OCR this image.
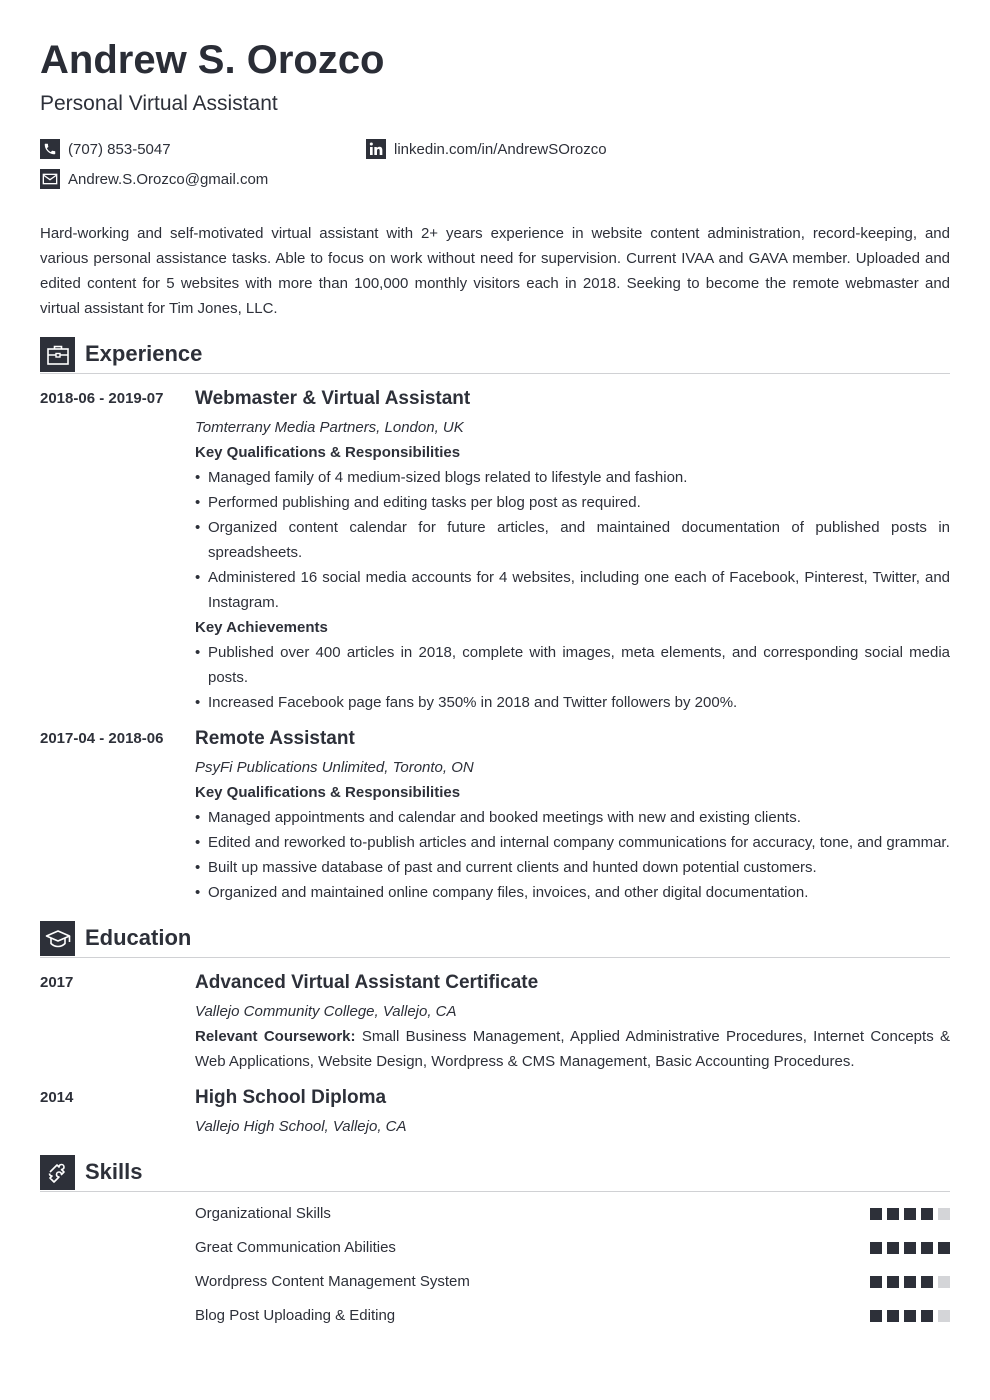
Andrew S. Orozco
Personal Virtual Assistant
(707) 853-5047	linkedin.com/in/AndrewSOrozco
Andrew.S.Orozco@gmail.com
Hard-working and self-motivated virtual assistant with 2+ years experience in website content administration, record-keeping, and various personal assistance tasks. Able to focus on work without need for supervision. Current IVAA and GAVA member. Uploaded and edited content for 5 websites with more than 100,000 monthly visitors each in 2018. Seeking to become the remote webmaster and virtual assistant for Tim Jones, LLC.
Experience
2018-06 - 2019-07 Webmaster & Virtual Assistant
Tomterrany Media Partners, London, UK
Key Qualifications & Responsibilities
• Managed family of 4 medium-sized blogs related to lifestyle and fashion.
• Performed publishing and editing tasks per blog post as required.
• Organized content calendar for future articles, and maintained documentation of published posts in spreadsheets.
• Administered 16 social media accounts for 4 websites, including one each of Facebook, Pinterest, Twitter, and Instagram.
Key Achievements
• Published over 400 articles in 2018, complete with images, meta elements, and corresponding social media posts.
• Increased Facebook page fans by 350% in 2018 and Twitter followers by 200%.
2017-04 - 2018-06 Remote Assistant
PsyFi Publications Unlimited, Toronto, ON
Key Qualifications & Responsibilities
• Managed appointments and calendar and booked meetings with new and existing clients.
• Edited and reworked to-publish articles and internal company communications for accuracy, tone, and grammar.
• Built up massive database of past and current clients and hunted down potential customers.
• Organized and maintained online company files, invoices, and other digital documentation.
Education
2017	Advanced Virtual Assistant Certificate
Vallejo Community College, Vallejo, CA
Relevant Coursework: Small Business Management, Applied Administrative Procedures, Internet Concepts & Web Applications, Website Design, Wordpress & CMS Management, Basic Accounting Procedures.
2014	High School Diploma
Vallejo High School, Vallejo, CA
Skills
Organizational Skills
Great Communication Abilities
Wordpress Content Management System
Blog Post Uploading & Editing
